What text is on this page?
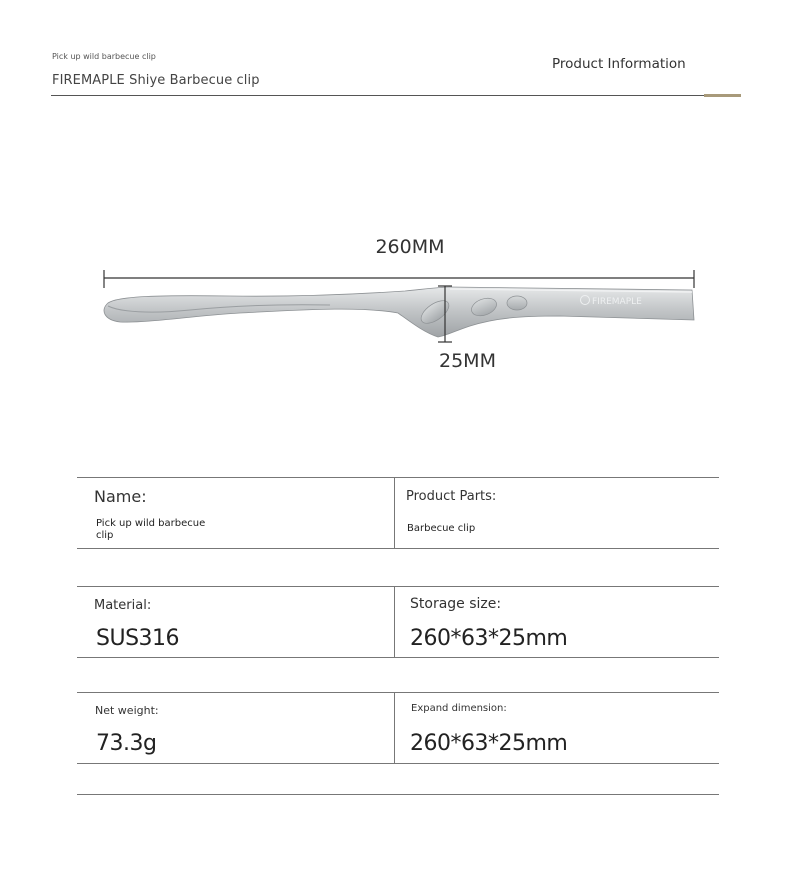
Pick up wild barbecue clip
FIREMAPLE Shiye Barbecue clip
Product Information
260MM
FIREMAPLE
25MM
Name:
Pick up wild barbecue
clip
Product Parts:
Barbecue clip
Material:
SUS316
Storage size:
260*63*25mm
Net weight:
73.3g
Expand dimension:
260*63*25mm
